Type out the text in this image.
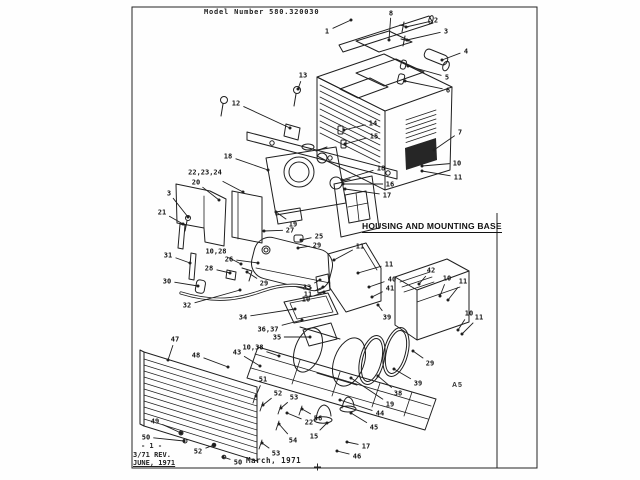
1
8
2
3
4
5
6
13
12
14
15	7
10
11
18
18
16
17
22,23,24
20
3
21
19
27
25
29	11
31	10,28
26
28
30	29
32
33
11
10
34
36,37
35
11
40
41
39
42
10 11
10 11
29
39
38
19
44
47
48	43
10,38
51
52 53
22 56
54
53
49
50
52
50
15
45
17
46
Model Number 580.320030
HOUSING AND MOUNTING BASE
A5
- 1 -
3/71 REV.
JUNE, 1971	March, 1971
